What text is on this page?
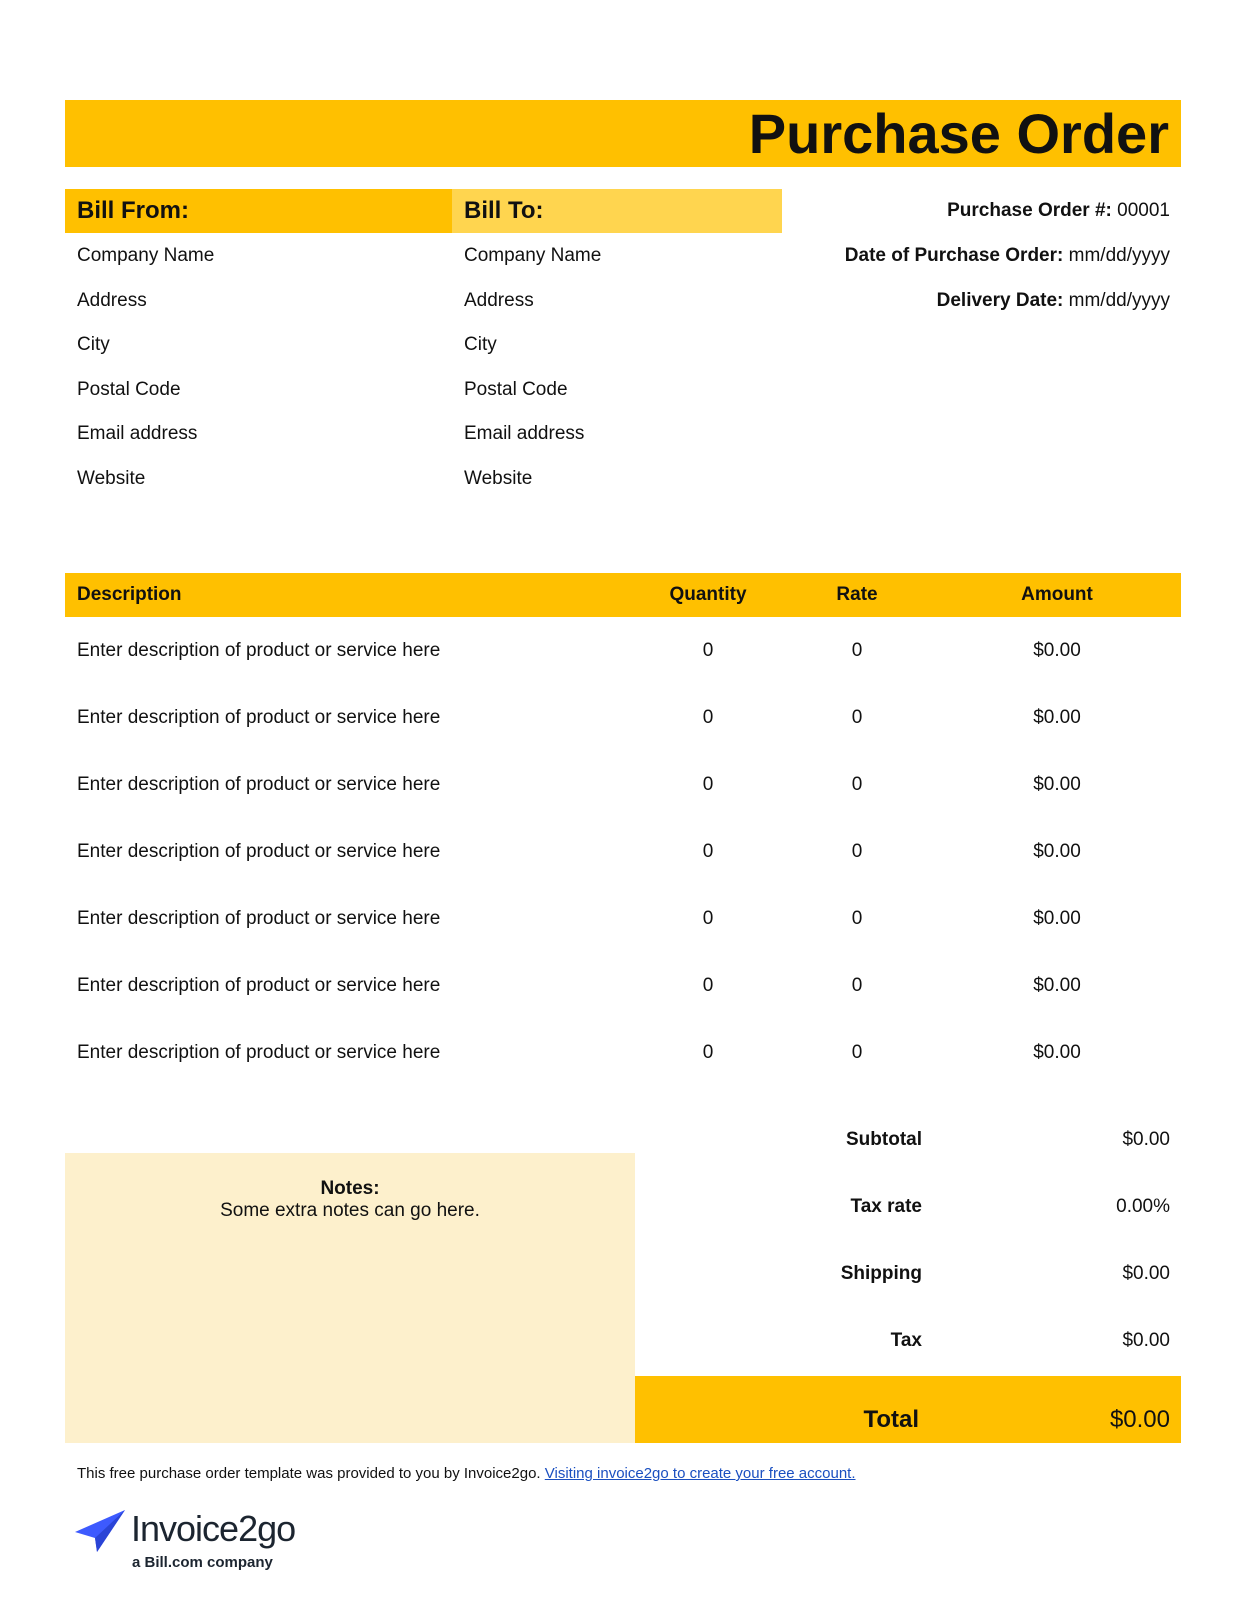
Purchase Order
Bill From:	Bill To:
Company Name	Company Name
Address	Address
City	City
Postal Code	Postal Code
Email address	Email address
Website	Website
Purchase Order #: 00001
Date of Purchase Order: mm/dd/yyyy
Delivery Date: mm/dd/yyyy
Description	Quantity	Rate	Amount
Enter description of product or service here	0	0	$0.00
Enter description of product or service here	0	0	$0.00
Enter description of product or service here	0	0	$0.00
Enter description of product or service here	0	0	$0.00
Enter description of product or service here	0	0	$0.00
Enter description of product or service here	0	0	$0.00
Enter description of product or service here	0	0	$0.00
Subtotal	$0.00
Tax rate	0.00%
Shipping	$0.00
Tax	$0.00
Notes:
Some extra notes can go here.
Total	$0.00
This free purchase order template was provided to you by Invoice2go. Visiting invoice2go to create your free account.
Invoice2go
a Bill.com company
